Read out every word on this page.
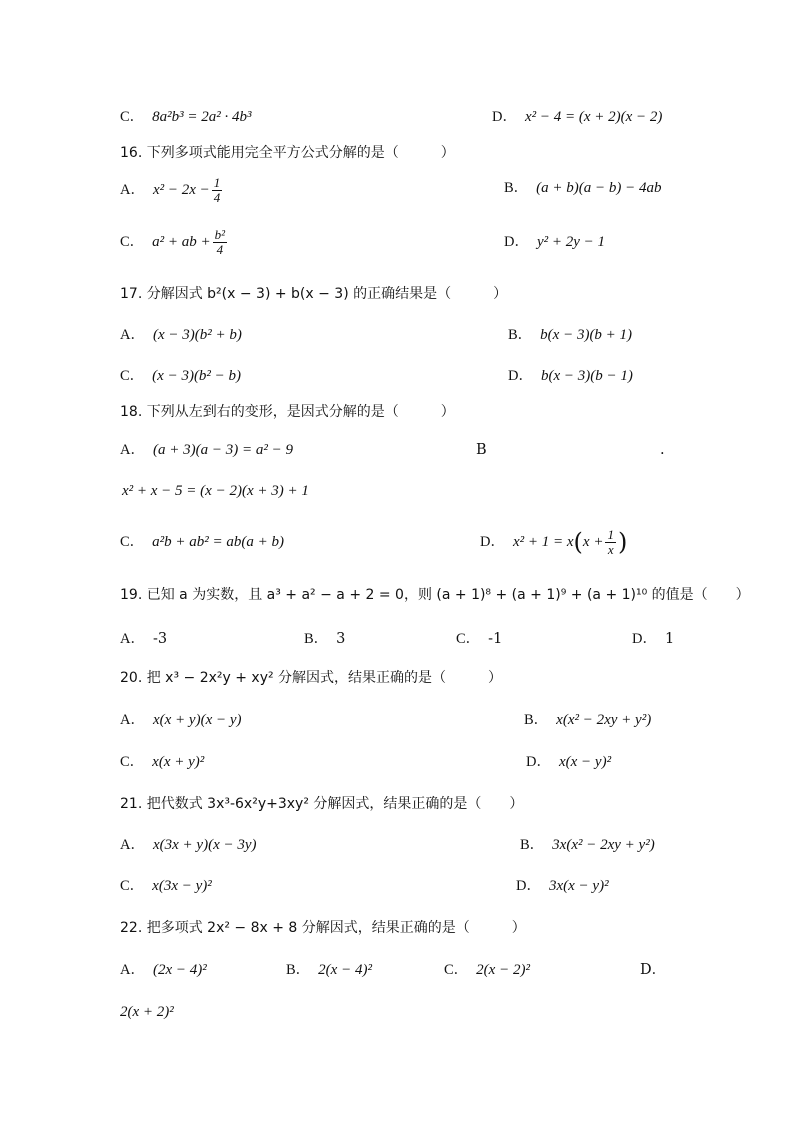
C． 8a²b³ = 2a² · 4b³	D． x² − 4 = (x + 2)(x − 2)
16. 下列多项式能用完全平方公式分解的是（　　　）
A． $x^2 - 2x - \frac{1}{4}$	B． (a + b)(a − b) − 4ab
C． a² + ab + $\frac{\text{b²}}{4}$	D． y² + 2y − 1
17. 分解因式 b²(x − 3) + b(x − 3) 的正确结果是（　　　）
A． (x − 3)(b² + b)	B． b(x − 3)(b + 1)
C． (x − 3)(b² − b)	D． b(x − 3)(b − 1)
18. 下列从左到右的变形，是因式分解的是（　　　）
A． (a + 3)(a − 3) = a² − 9	B	.
x² + x − 5 = (x − 2)(x + 3) + 1
C． a²b + ab² = ab(a + b)	D． x² + 1 = x ( $x + \frac{1}{x}$ )
19. 已知 a 为实数，且 a³ + a² − a + 2 = 0，则 (a + 1)⁸ + (a + 1)⁹ + (a + 1)¹⁰ 的值是（　　）
A． -3	B． 3	C． -1	D． 1
20. 把 x³ − 2x²y + xy² 分解因式，结果正确的是（　　　）
A． x(x + y)(x − y)	B． x(x² − 2xy + y²)
C． x(x + y)²	D． x(x − y)²
21. 把代数式 3x³-6x²y+3xy² 分解因式，结果正确的是（　　）
A． x(3x + y)(x − 3y)	B． 3x(x² − 2xy + y²)
C． x(3x − y)²	D． 3x(x − y)²
22. 把多项式 2x² − 8x + 8 分解因式，结果正确的是（　　　）
A． (2x − 4)²	B． 2(x − 4)²	C． 2(x − 2)²	D．
2(x + 2)²
